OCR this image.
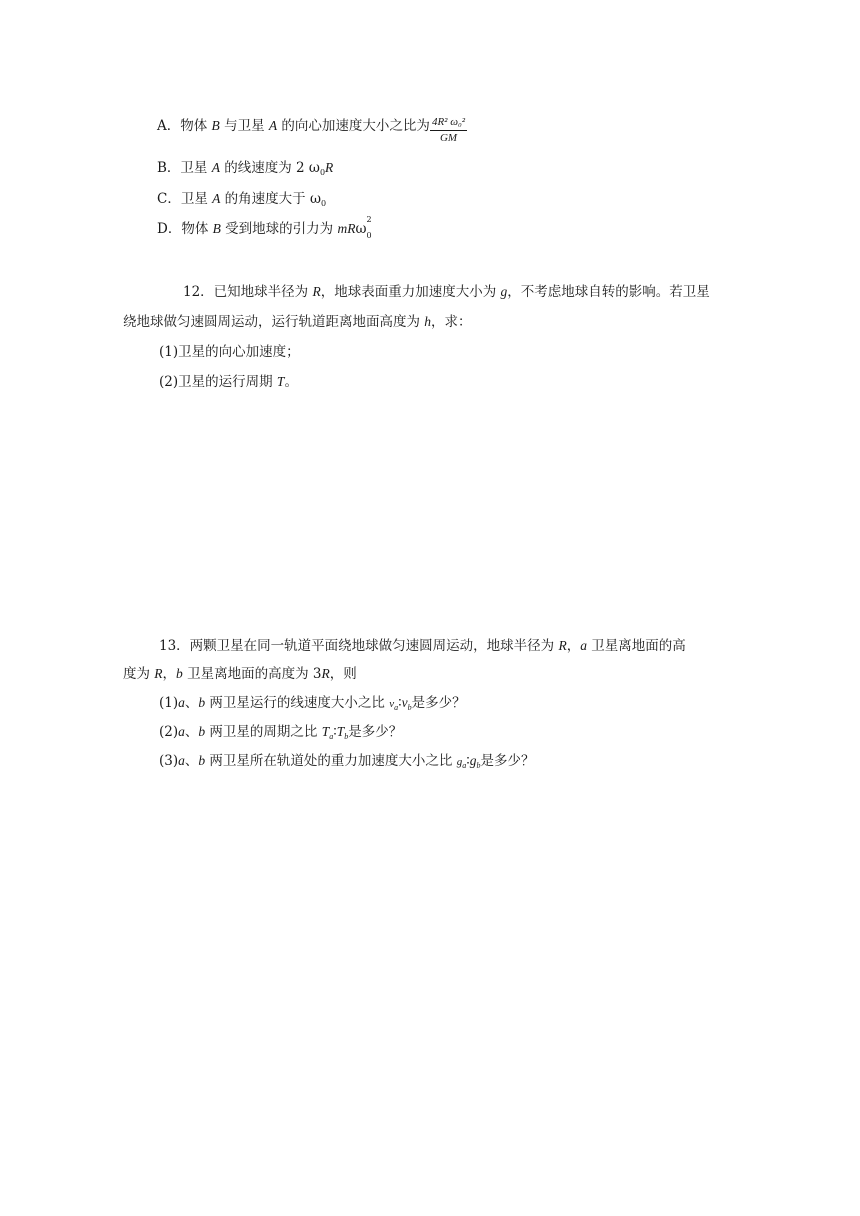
A．物体 B 与卫星 A 的向心加速度大小之比为 $\frac{\text{4R² ω₀²}}{GM}$
B．卫星 A 的线速度为 2 $\omega_0R$
C．卫星 A 的角速度大于 $\omega_0$
D．物体 B 受到地球的引力为 mRω
2
0
12．已知地球半径为 R，地球表面重力加速度大小为 g，不考虑地球自转的影响。若卫星
绕地球做匀速圆周运动，运行轨道距离地面高度为 h，求：
(1)卫星的向心加速度；
(2)卫星的运行周期 T。
13．两颗卫星在同一轨道平面绕地球做匀速圆周运动，地球半径为 R，a 卫星离地面的高
度为 R，b 卫星离地面的高度为 3R，则
(1)a、b 两卫星运行的线速度大小之比 $v_a∶v_b$是多少？
(2)a、b 两卫星的周期之比 $T_a∶T_b$是多少？
(3)a、b 两卫星所在轨道处的重力加速度大小之比 $g_a∶g_b$是多少？
